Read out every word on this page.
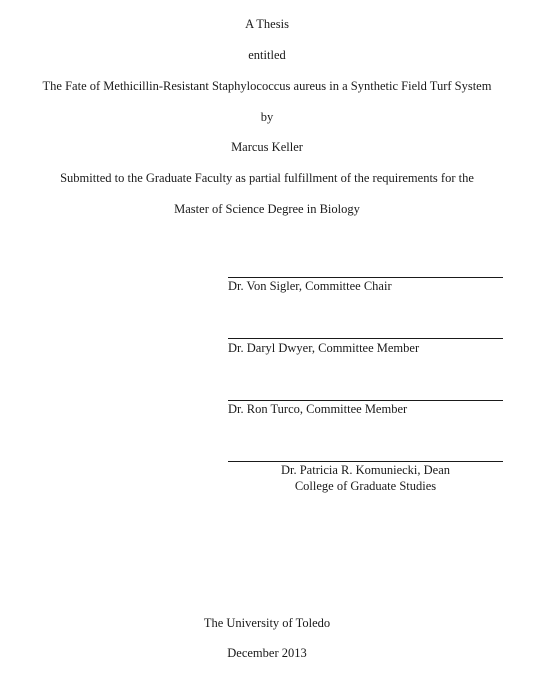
A Thesis
entitled
The Fate of Methicillin-Resistant Staphylococcus aureus in a Synthetic Field Turf System
by
Marcus Keller
Submitted to the Graduate Faculty as partial fulfillment of the requirements for the
Master of Science Degree in Biology
Dr. Von Sigler, Committee Chair
Dr. Daryl Dwyer, Committee Member
Dr. Ron Turco, Committee Member
Dr. Patricia R. Komuniecki, Dean
College of Graduate Studies
The University of Toledo
December 2013
